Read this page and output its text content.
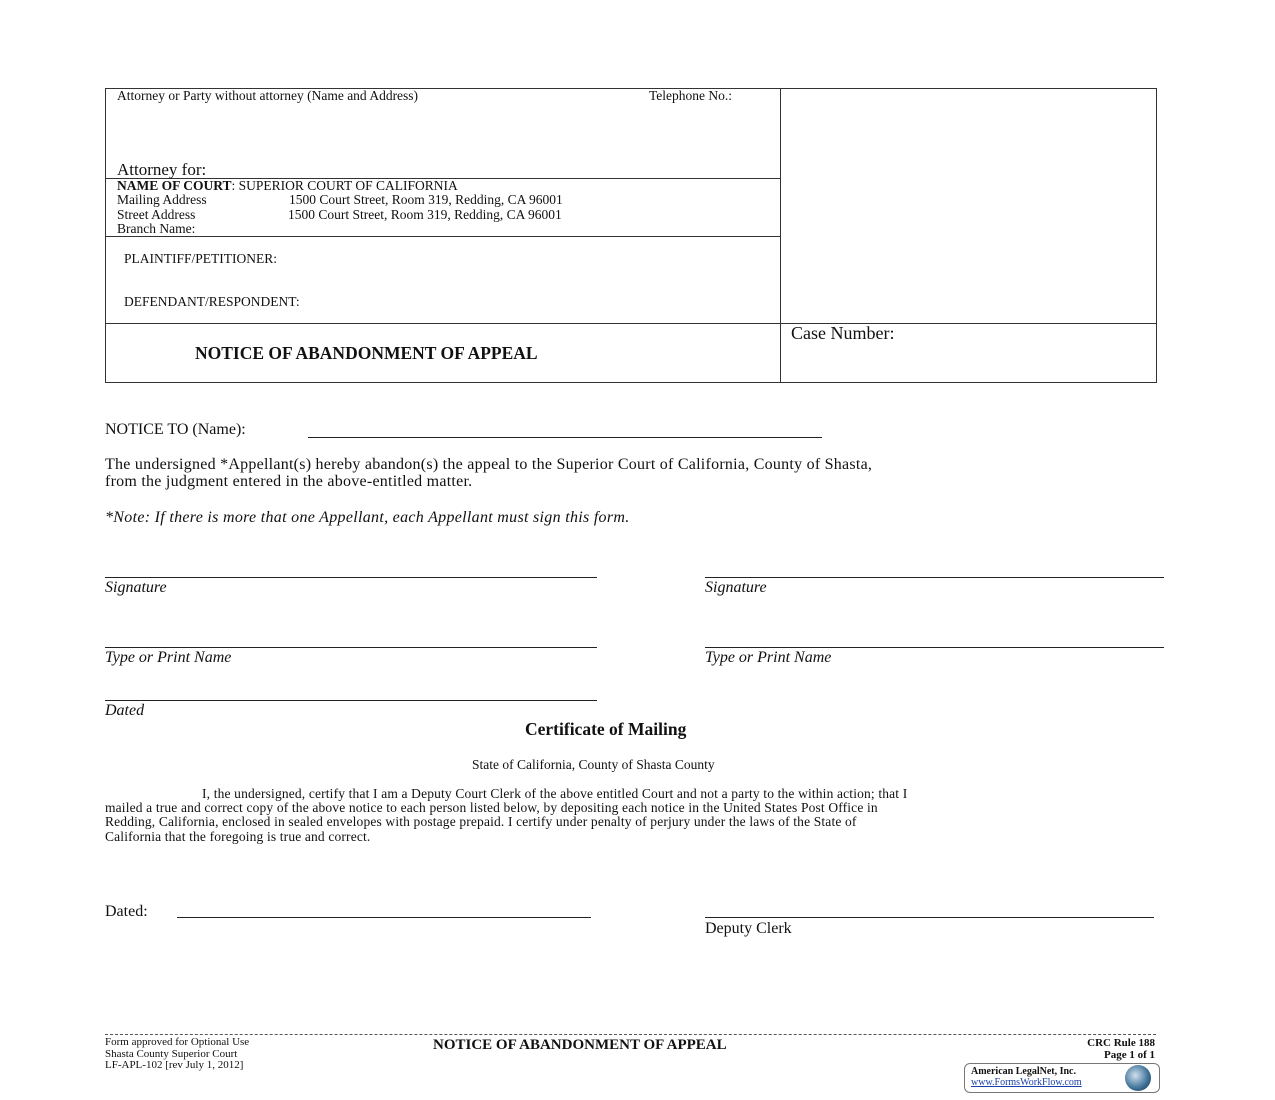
Attorney or Party without attorney (Name and Address)	Telephone No.:
Attorney for:
NAME OF COURT: SUPERIOR COURT OF CALIFORNIA
Mailing Address	1500 Court Street, Room 319, Redding, CA 96001
Street Address	1500 Court Street, Room 319, Redding, CA 96001
Branch Name:
PLAINTIFF/PETITIONER:
DEFENDANT/RESPONDENT:
NOTICE OF ABANDONMENT OF APPEAL
Case Number:
NOTICE TO (Name):
The undersigned *Appellant(s) hereby abandon(s) the appeal to the Superior Court of California, County of Shasta,
from the judgment entered in the above-entitled matter.
*Note: If there is more that one Appellant, each Appellant must sign this form.
Signature	Signature
Type or Print Name	Type or Print Name
Dated
Certificate of Mailing
State of California, County of Shasta County
I, the undersigned, certify that I am a Deputy Court Clerk of the above entitled Court and not a party to the within action; that I
mailed a true and correct copy of the above notice to each person listed below, by depositing each notice in the United States Post Office in
Redding, California, enclosed in sealed envelopes with postage prepaid. I certify under penalty of perjury under the laws of the State of
California that the foregoing is true and correct.
Dated:
Deputy Clerk
Form approved for Optional Use
Shasta County Superior Court
LF-APL-102 [rev July 1, 2012]
NOTICE OF ABANDONMENT OF APPEAL	CRC Rule 188
Page 1 of 1
American LegalNet, Inc.
www.FormsWorkFlow.com
